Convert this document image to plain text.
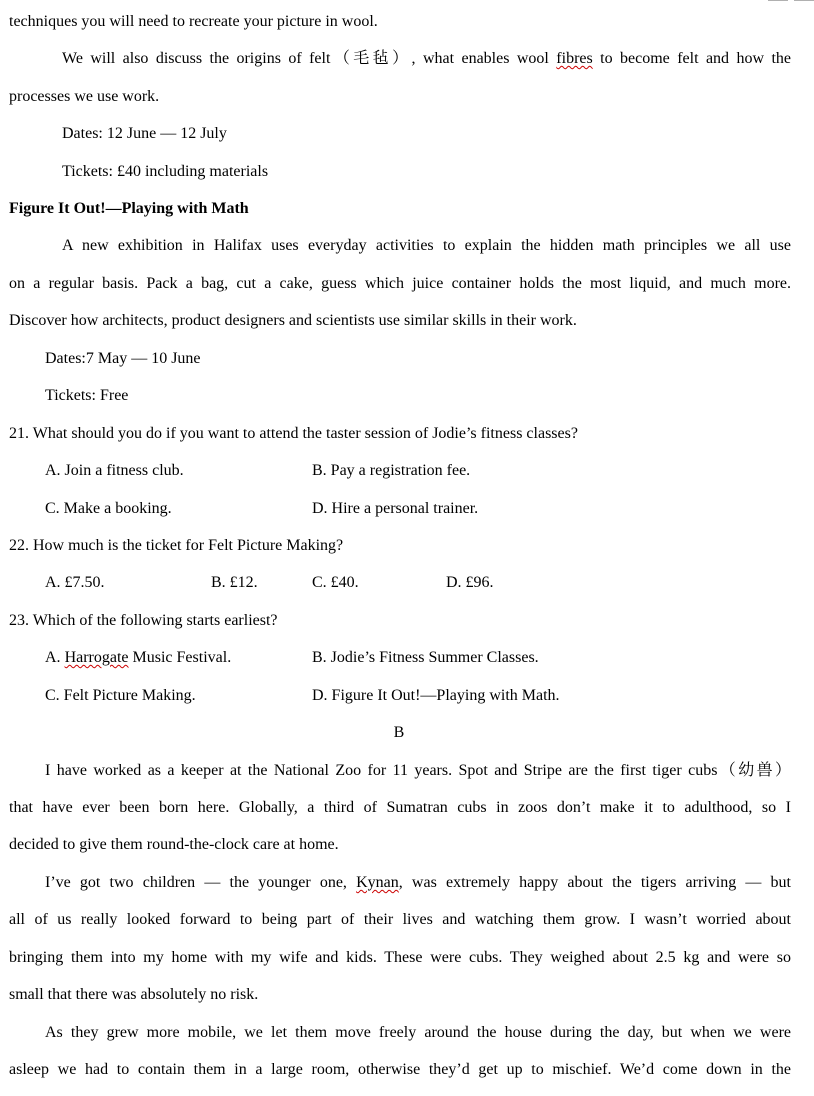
techniques you will need to recreate your picture in wool.
We will also discuss the origins of felt（毛毡）, what enables wool fibres to become felt and how the
processes we use work.
Dates: 12 June — 12 July
Tickets: £40 including materials
Figure It Out!—Playing with Math
A new exhibition in Halifax uses everyday activities to explain the hidden math principles we all use
on a regular basis. Pack a bag, cut a cake, guess which juice container holds the most liquid, and much more.
Discover how architects, product designers and scientists use similar skills in their work.
Dates:7 May — 10 June
Tickets: Free
21. What should you do if you want to attend the taster session of Jodie’s fitness classes?
A. Join a fitness club.	B. Pay a registration fee.
C. Make a booking.	D. Hire a personal trainer.
22. How much is the ticket for Felt Picture Making?
A. £7.50.	B. £12.	C. £40.	D. £96.
23. Which of the following starts earliest?
A. Harrogate Music Festival.	B. Jodie’s Fitness Summer Classes.
C. Felt Picture Making.	D. Figure It Out!—Playing with Math.
B
I have worked as a keeper at the National Zoo for 11 years. Spot and Stripe are the first tiger cubs（幼兽）
that have ever been born here. Globally, a third of Sumatran cubs in zoos don’t make it to adulthood, so I
decided to give them round-the-clock care at home.
I’ve got two children — the younger one, Kynan, was extremely happy about the tigers arriving — but
all of us really looked forward to being part of their lives and watching them grow. I wasn’t worried about
bringing them into my home with my wife and kids. These were cubs. They weighed about 2.5 kg and were so
small that there was absolutely no risk.
As they grew more mobile, we let them move freely around the house during the day, but when we were
asleep we had to contain them in a large room, otherwise they’d get up to mischief. We’d come down in the
